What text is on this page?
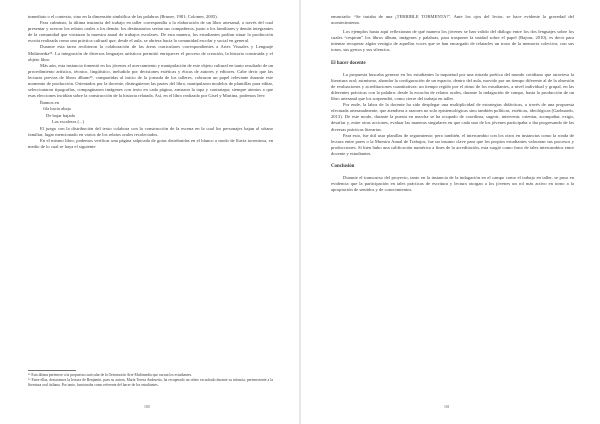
inmediato o el contexto, sino en la dimensión simbólica de las palabras (Bruner, 1981; Colomer, 2005).

Para culminar, la última instancia del trabajo en taller correspondía a la elaboración de un libro artesanal, a través del cual presentar y acercar los relatos orales a los demás: los destinatarios serían sus compañeros, junto a los familiares y demás integrantes de la comunidad que visitaran la muestra anual de trabajos escolares. De esta manera, los estudiantes podían situar la producción escrita realizada como una práctica cultural que, desde el aula, se abriera hacia la comunidad escolar y social en general.

Durante esta tarea recibieron la colaboración de las áreas curriculares correspondientes a Artes Visuales y Lenguaje Multimedia¹⁵. La integración de diversos lenguajes artísticos permitió enriquecer el proceso de creación, la historia construida y el objeto libro.

Más aún, esta instancia fomentó en los jóvenes el acercamiento y manipulación de este objeto cultural en tanto resultado de un procedimiento artístico, técnico, lingüístico, ineludido por decisiones estéticas y éticas de autores y editores. Cabe decir que las lecturas previas de libros álbum¹⁶, compartidas al inicio de la jornada de los talleres, cobraron un papel relevante durante este momento de producción. Orientados por la docente, distinguieron las partes del libro, manipularon modelos de plantillas para editar, seleccionaron tipografías, compaginaron imágenes con texto en cada página, armaron la tapa y contratapa; siempre atentos a que esas elecciones incidían sobre la construcción de la historia relatada. Así, en el libro realizado por Gisel y Martina, podemos leer:

Íbamos en
fila hacia abajo
De bajar bajado
Las escaleras (...)

El juego con la distribución del texto colabora con la construcción de la escena en la cual los personajes bajan al sótano familiar, lugar mencionado en varios de los relatos orales recolectados.

En el mismo libro, podemos verificar una página salpicada de gotas distribuidas en el blanco a modo de lluvia torrentosa, en medio de lo cual se haya el siguiente

¹⁵ Esta última pertenece a la propuesta curricular de la Orientación Arte-Multimedia que cursan los estudiantes.

¹⁶ Entre ellas, destacamos la lectura de Benjamín, pues su autora, María Teresa Andruetto, ha recuperado un relato escuchado durante su infancia, perteneciente a la literatura oral italiana. Por tanto, funcionaba como referente del hacer de los estudiantes.

100

enunciado: “Se trataba de una ¡TERRIBLE TORMENTA!”. Ante los ojos del lector, se hace evidente la gravedad del acontecimiento.

Los ejemplos hasta aquí reflexionan de qué manera los jóvenes se han valido del diálogo entre los dos lenguajes sobre los cuales “respiran” los libros álbum, imágenes y palabras, para trasponer la unidad sobre el papel (Bajour, 2010), es decir para intentar recuperar algún vestigio de aquellas voces que se han encargado de relatarles un trozo de la memoria colectiva, con sus tonos, sus gestos y sus silencios.

El hacer docente

La propuesta buscaba generar en los estudiantes la inquietud por una mirada poética del mundo cotidiano que atraviesa la literatura oral; asimismo, ahondar la configuración de un espacio, dentro del aula, movido por un tiempo diferente al de la obsesión de evaluaciones y acreditaciones cuantitativas: un tiempo regido por el ritmo de los estudiantes, a nivel individual y grupal, en las diferentes prácticas con la palabra: desde la escucha de relatos orales, durante la indagación de campo, hasta la producción de un libro artesanal que los sorprendió, como cierre del trabajo en taller.

Por ende, la labor de la docente ha sido desplegar una multiplicidad de estrategias didácticas, a través de una propuesta efectuada artesanalmente, que atendiera a razones no solo epistemológicas sino también políticas, estéticas, ideológicas (Garbuardo, 2013). De este modo, durante la puesta en marcha se ha ocupado de coordinar, sugerir, intervenir, orientar, acompañar, exigir, desafiar y, entre otras acciones, evaluar las maneras singulares en que cada uno de los jóvenes participaba o iba progresando de las diversas prácticas literarias.

Para esto, fue útil usar planillas de seguimiento; pero también, el intercambio con los otros en instancias como la ronda de lectura entre pares o la Muestra Anual de Trabajos; fue un insumo clave para que los propios estudiantes valoraran sus procesos y producciones. Si bien hubo una calificación numérica a fines de la acreditación, esta surgió como fruto de tales intercambios entre docente y estudiantes.

Conclusión

Durante el transcurso del proyecto, tanto en la instancia de la indagación en el campo como el trabajo en taller, se puso en evidencia que la participación en tales prácticas de escritura y lectura otorgan a los jóvenes un rol más activo en torno a la apropiación de sentidos y de conocimientos.

101
